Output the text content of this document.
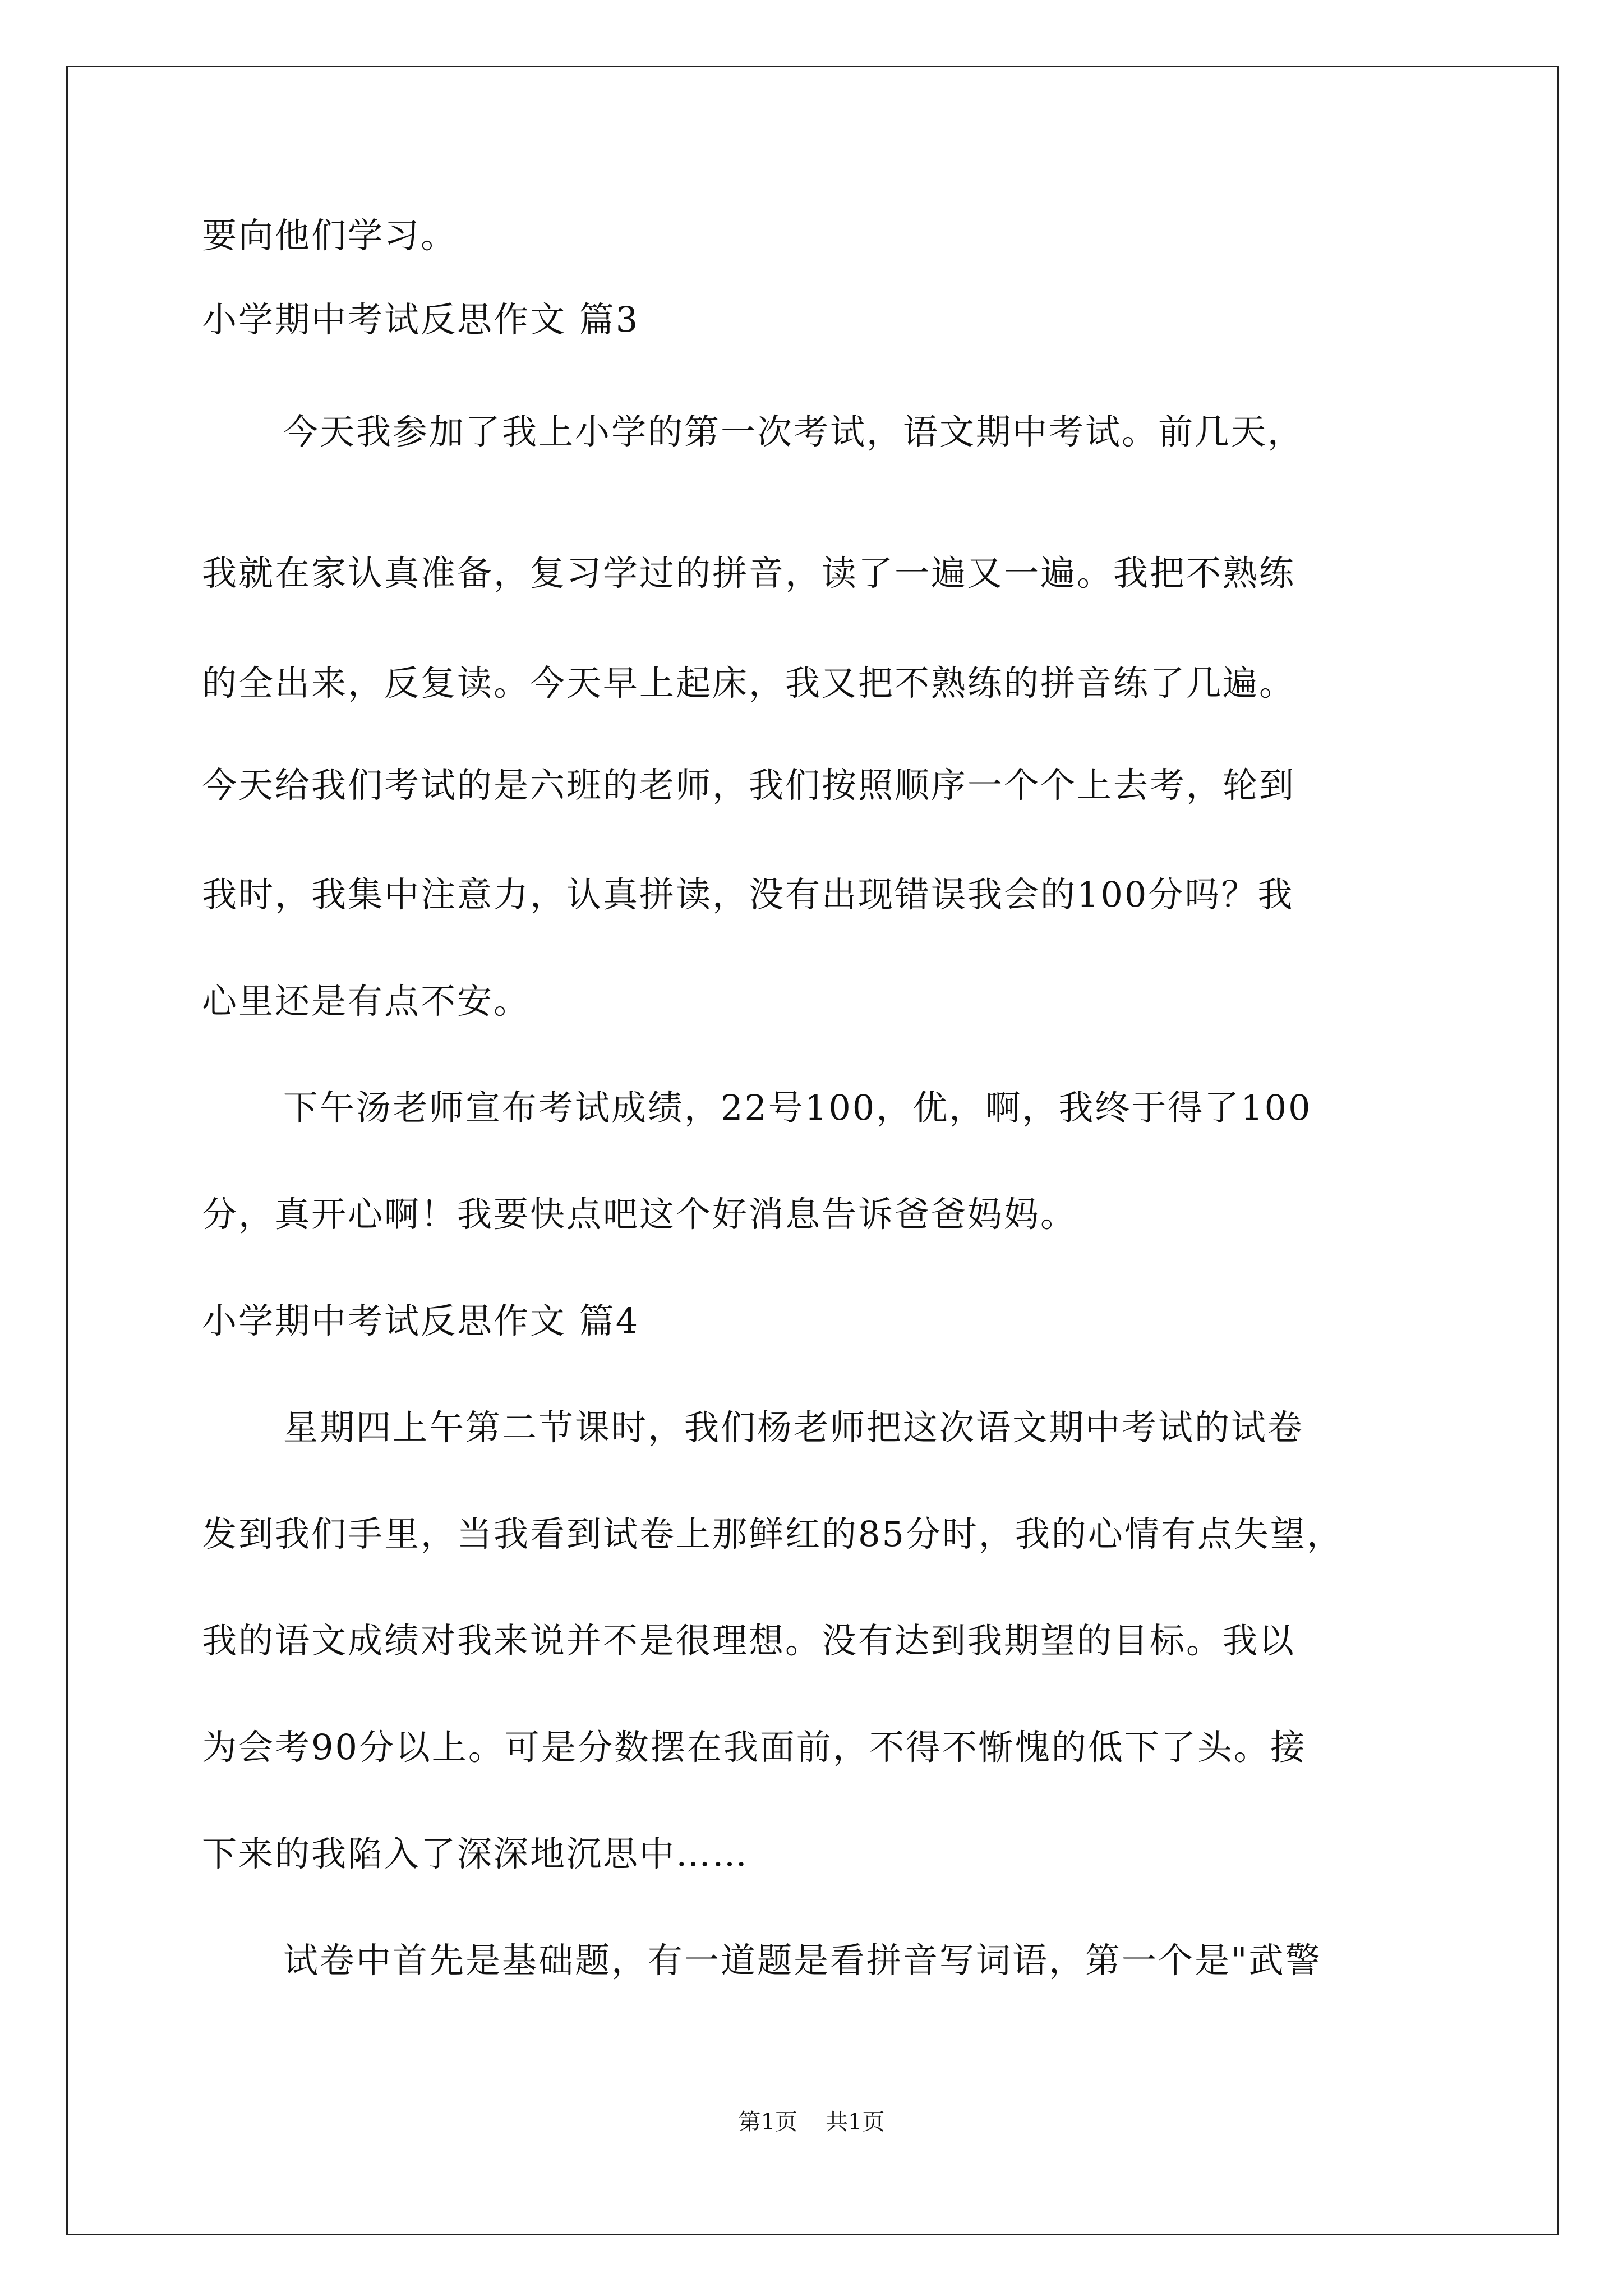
要向他们学习。
小学期中考试反思作文 篇3
今天我参加了我上小学的第一次考试，语文期中考试。前几天，
我就在家认真准备，复习学过的拼音，读了一遍又一遍。我把不熟练
的全出来，反复读。今天早上起床，我又把不熟练的拼音练了几遍。
今天给我们考试的是六班的老师，我们按照顺序一个个上去考，轮到
我时，我集中注意力，认真拼读，没有出现错误我会的100分吗？我
心里还是有点不安。
下午汤老师宣布考试成绩，22号100，优，啊，我终于得了100
分，真开心啊！我要快点吧这个好消息告诉爸爸妈妈。
小学期中考试反思作文 篇4
星期四上午第二节课时，我们杨老师把这次语文期中考试的试卷
发到我们手里，当我看到试卷上那鲜红的85分时，我的心情有点失望，
我的语文成绩对我来说并不是很理想。没有达到我期望的目标。我以
为会考90分以上。可是分数摆在我面前，不得不惭愧的低下了头。接
下来的我陷入了深深地沉思中……
试卷中首先是基础题，有一道题是看拼音写词语，第一个是"武警
第1页 共1页
